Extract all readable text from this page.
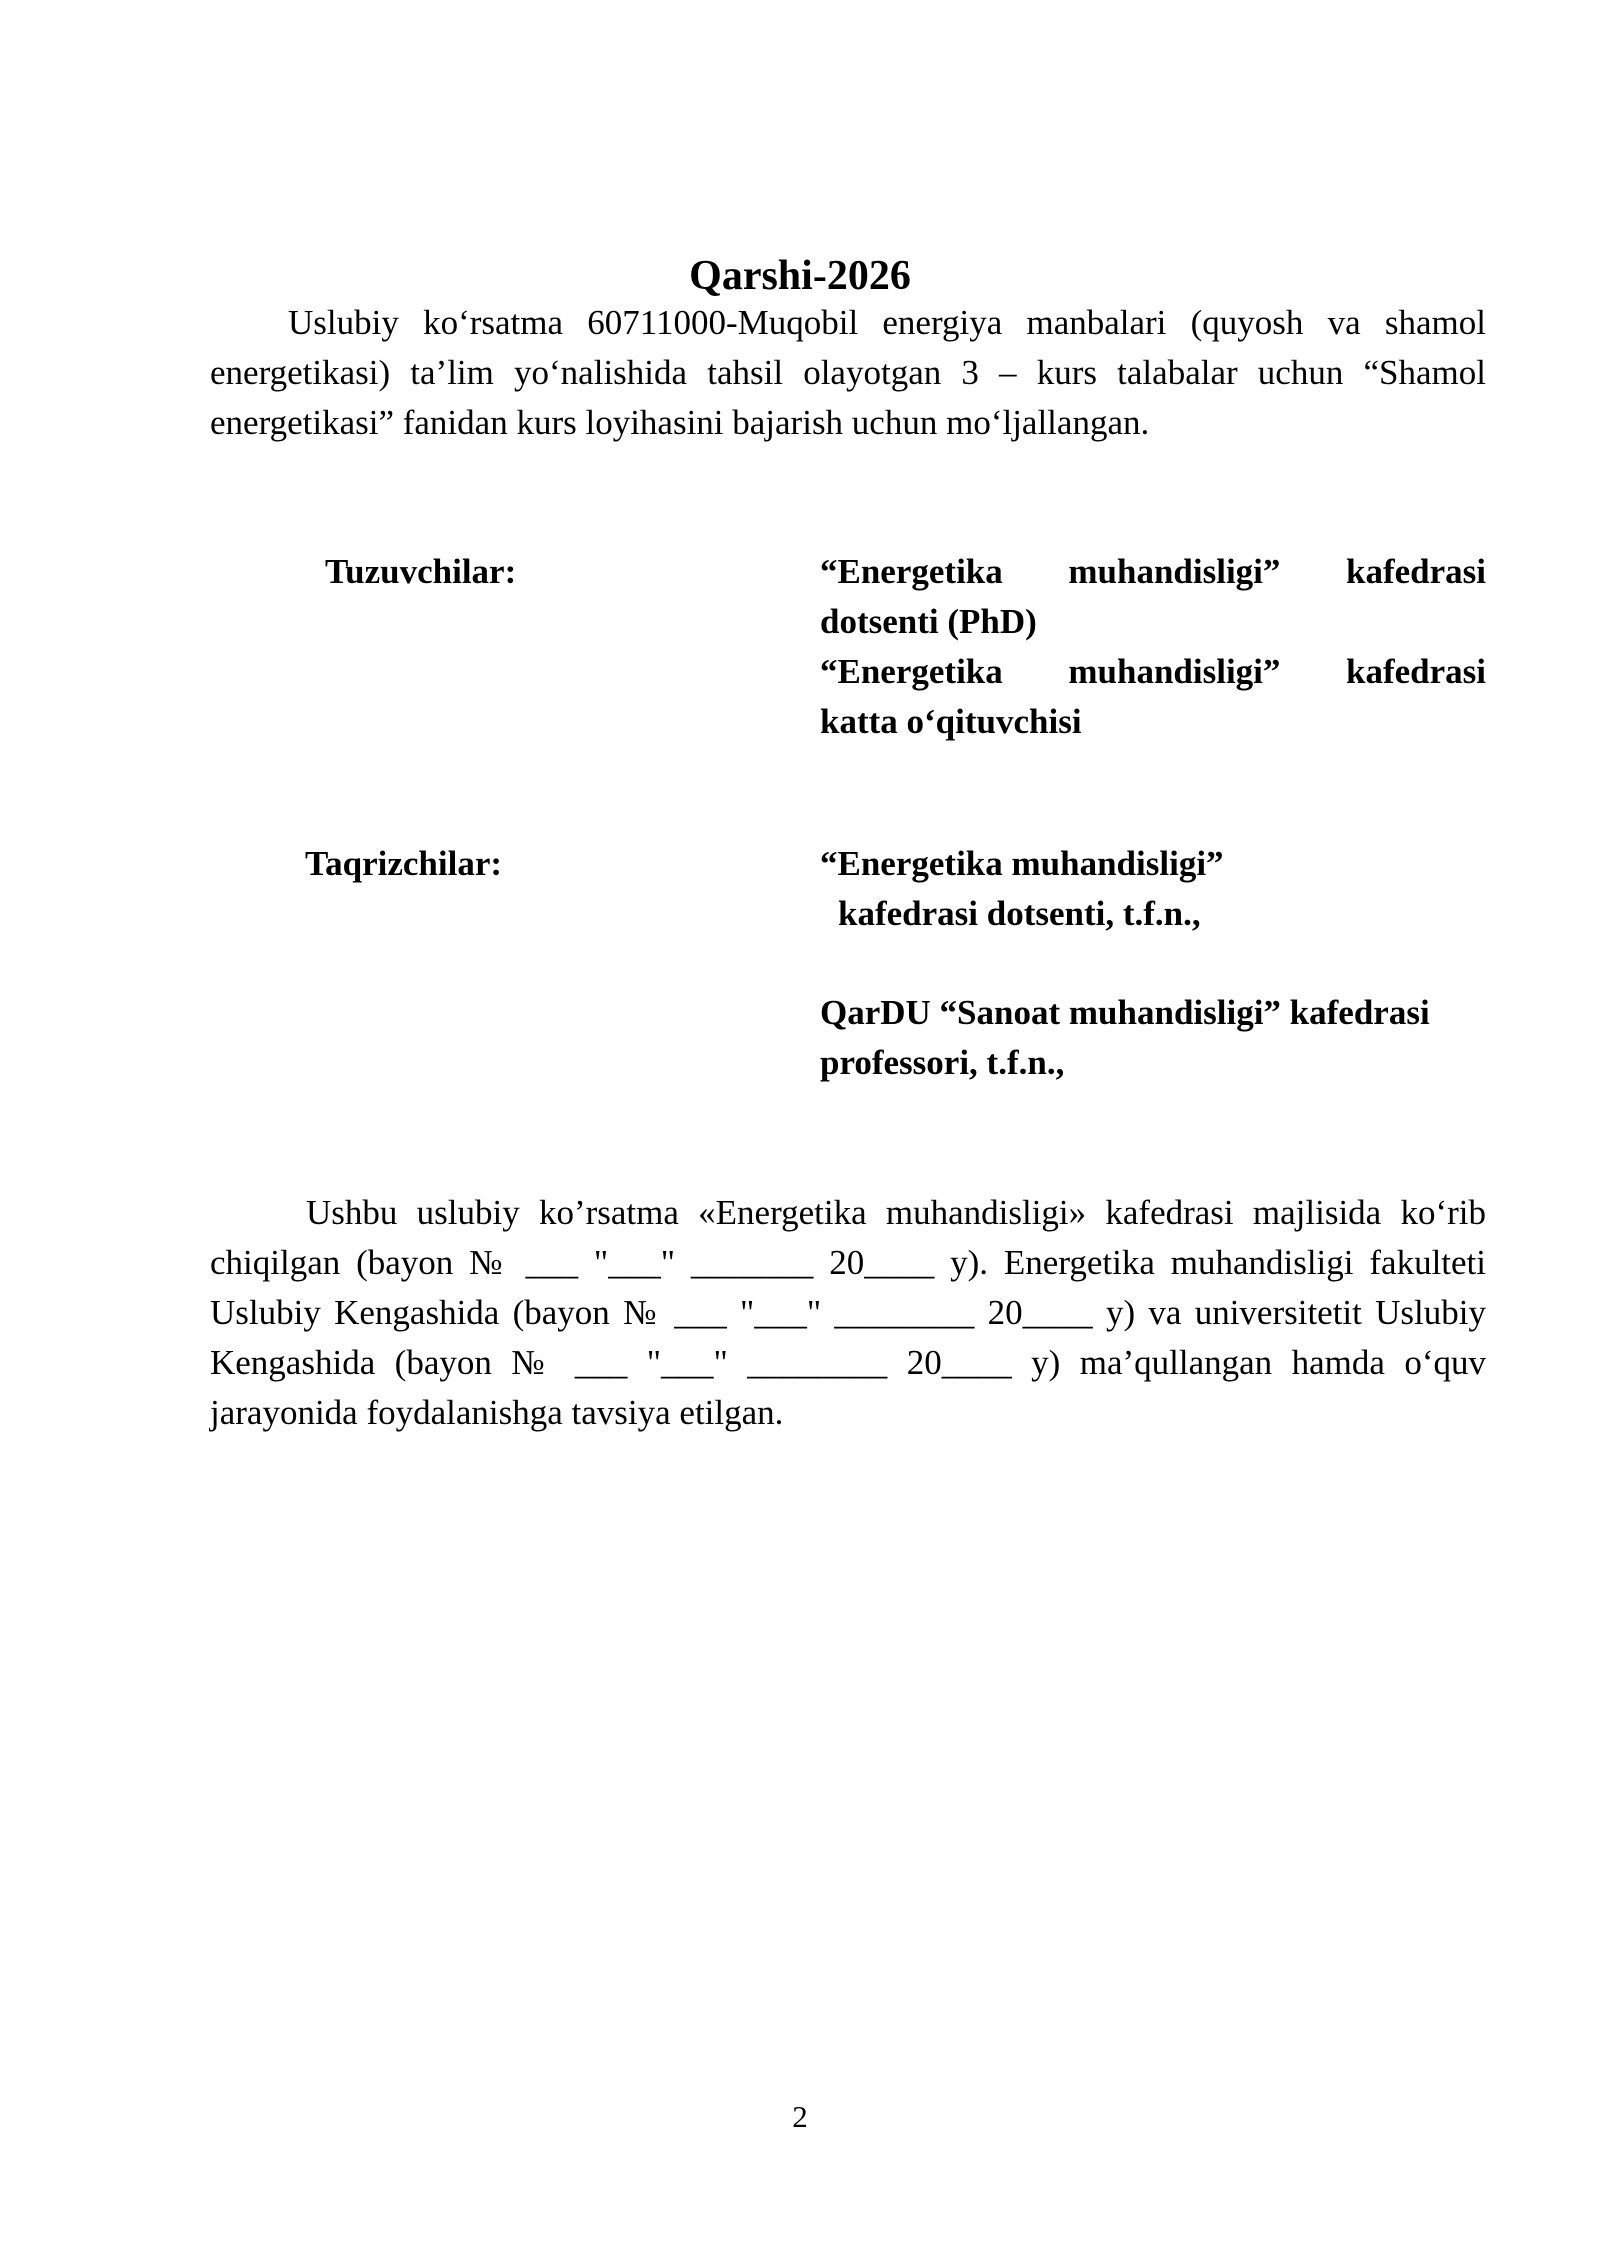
Qarshi-2026
Uslubiy ko‘rsatma 60711000-Muqobil energiya manbalari (quyosh va shamol energetikasi) ta’lim yo‘nalishida tahsil olayotgan 3 – kurs talabalar uchun “Shamol energetikasi” fanidan kurs loyihasini bajarish uchun mo‘ljallangan.
Tuzuvchilar:	“Energetika muhandisligi” kafedrasi
dotsenti (PhD)
“Energetika muhandisligi” kafedrasi
katta o‘qituvchisi
Taqrizchilar:	“Energetika muhandisligi”
kafedrasi dotsenti, t.f.n.,
QarDU “Sanoat muhandisligi” kafedrasi
professori, t.f.n.,
Ushbu uslubiy ko’rsatma «Energetika muhandisligi» kafedrasi majlisida ko‘rib chiqilgan (bayon № ___ "___" _______ 20____ y). Energetika muhandisligi fakulteti Uslubiy Kengashida (bayon № ___ "___" ________ 20____ y) va universitetit Uslubiy Kengashida (bayon № ___ "___" ________ 20____ y) ma’qullangan hamda o‘quv jarayonida foydalanishga tavsiya etilgan.
2
